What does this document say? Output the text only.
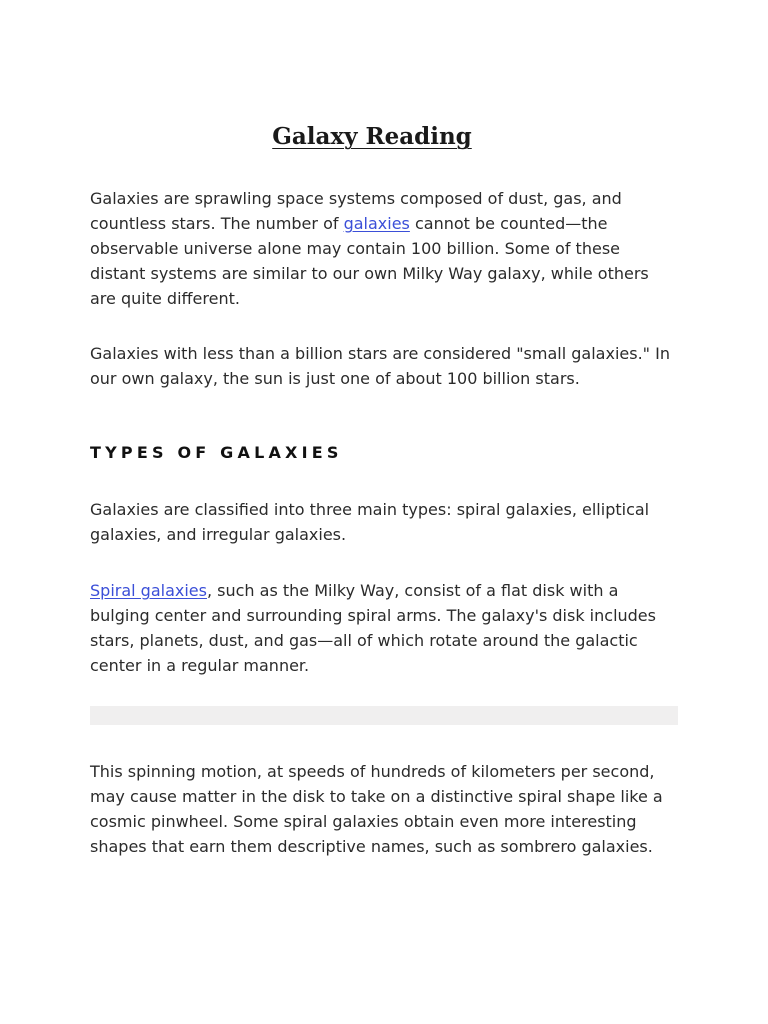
Galaxy Reading

Galaxies are sprawling space systems composed of dust, gas, and countless stars. The number of galaxies cannot be counted—the observable universe alone may contain 100 billion. Some of these distant systems are similar to our own Milky Way galaxy, while others are quite different.

Galaxies with less than a billion stars are considered "small galaxies." In our own galaxy, the sun is just one of about 100 billion stars.

TYPES OF GALAXIES

Galaxies are classified into three main types: spiral galaxies, elliptical galaxies, and irregular galaxies.

Spiral galaxies, such as the Milky Way, consist of a flat disk with a bulging center and surrounding spiral arms. The galaxy's disk includes stars, planets, dust, and gas—all of which rotate around the galactic center in a regular manner.

This spinning motion, at speeds of hundreds of kilometers per second, may cause matter in the disk to take on a distinctive spiral shape like a cosmic pinwheel. Some spiral galaxies obtain even more interesting shapes that earn them descriptive names, such as sombrero galaxies.
